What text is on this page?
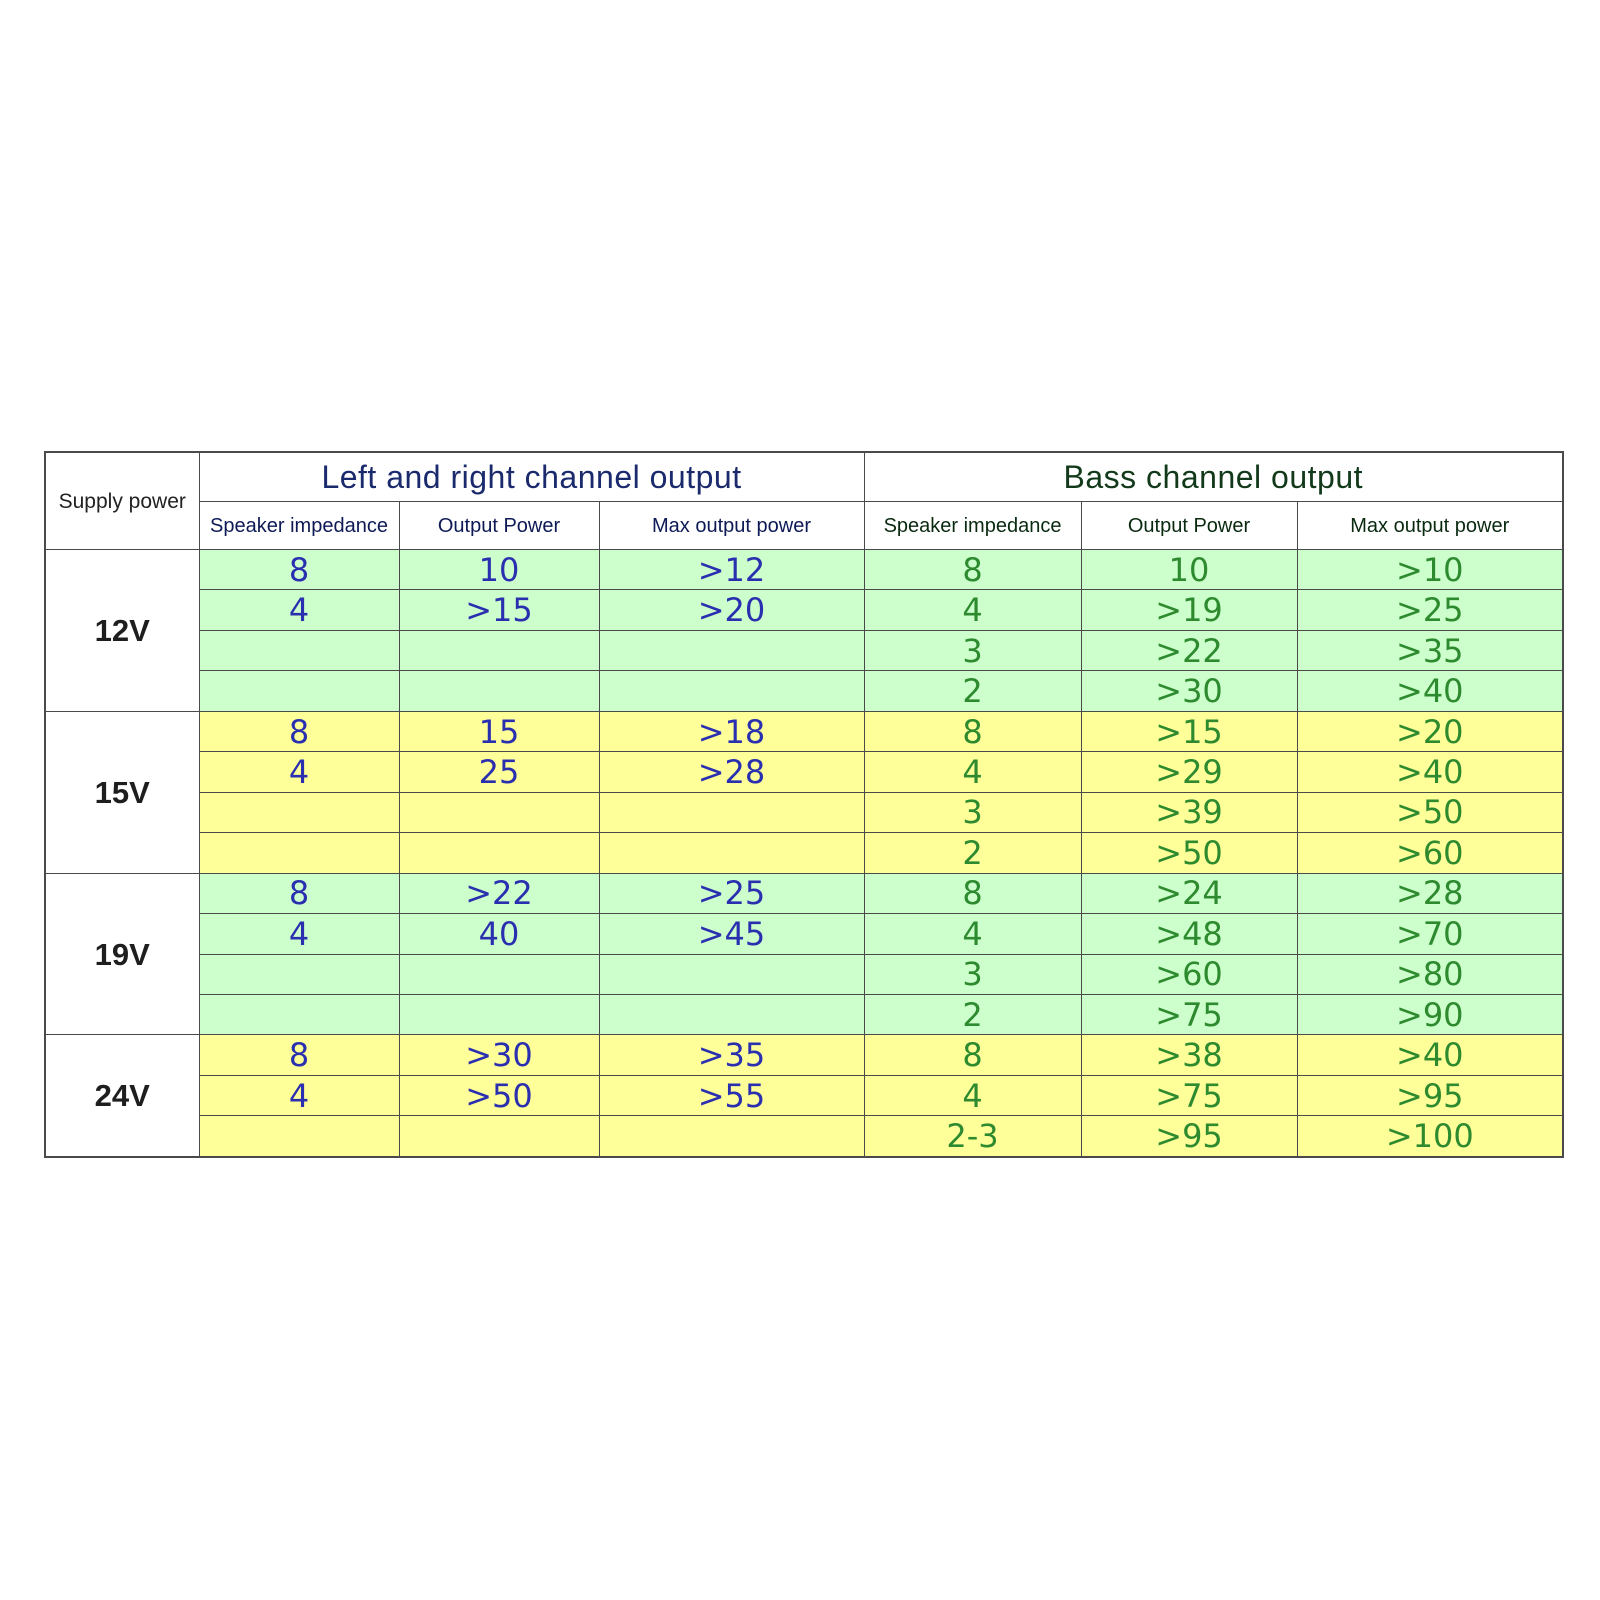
Supply power	Left and right channel output			Bass channel output		
	Speaker impedance	Output Power	Max output power	Speaker impedance	Output Power	Max output power
12V	8	10	>12	8	10	>10
	4	>15	>20	4	>19	>25
				3	>22	>35
				2	>30	>40
15V	8	15	>18	8	>15	>20
	4	25	>28	4	>29	>40
				3	>39	>50
				2	>50	>60
19V	8	>22	>25	8	>24	>28
	4	40	>45	4	>48	>70
				3	>60	>80
				2	>75	>90
24V	8	>30	>35	8	>38	>40
	4	>50	>55	4	>75	>95
				2-3	>95	>100
